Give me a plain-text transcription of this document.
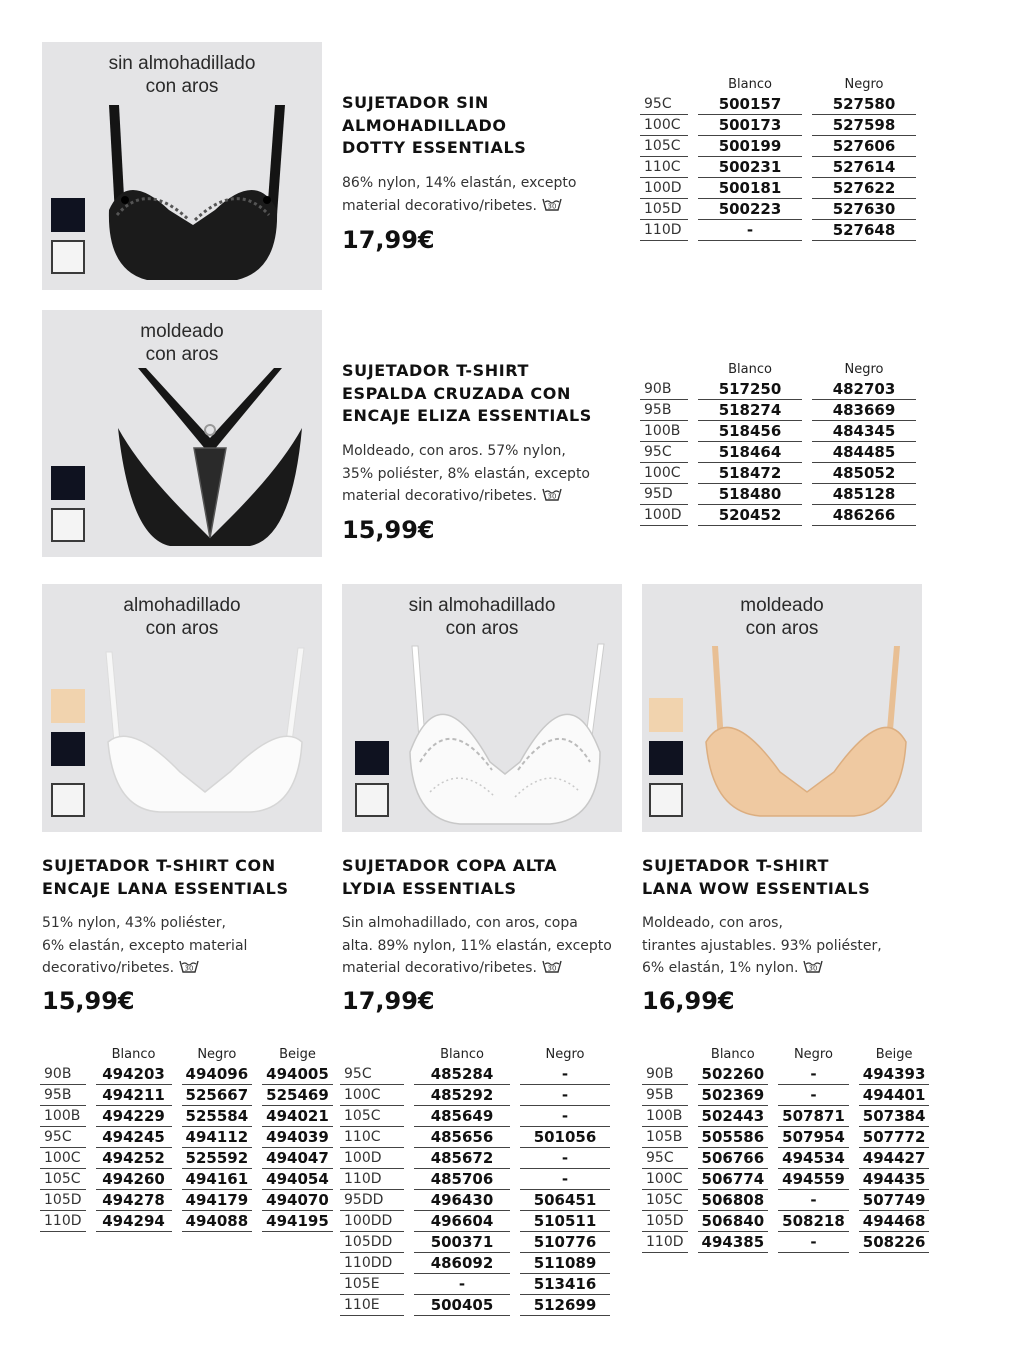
sin almohadillado
con aros
SUJETADOR SIN
ALMOHADILLADO
DOTTY ESSENTIALS
86% nylon, 14% elastán, excepto
material decorativo/ribetes.
17,99€
		Blanco		Negro
95C		500157		527580
100C		500173		527598
105C		500199		527606
110C		500231		527614
100D		500181		527622
105D		500223		527630
110D		-		527648
moldeado
con aros
SUJETADOR T-SHIRT
ESPALDA CRUZADA CON
ENCAJE ELIZA ESSENTIALS
Moldeado, con aros. 57% nylon,
35% poliéster, 8% elastán, excepto
material decorativo/ribetes.
15,99€
		Blanco		Negro
90B		517250		482703
95B		518274		483669
100B		518456		484345
95C		518464		484485
100C		518472		485052
95D		518480		485128
100D		520452		486266
almohadillado
con aros
SUJETADOR T-SHIRT CON
ENCAJE LANA ESSENTIALS
51% nylon, 43% poliéster,
6% elastán, excepto material
decorativo/ribetes.
15,99€
		Blanco		Negro		Beige
90B		494203		494096		494005
95B		494211		525667		525469
100B		494229		525584		494021
95C		494245		494112		494039
100C		494252		525592		494047
105C		494260		494161		494054
105D		494278		494179		494070
110D		494294		494088		494195
sin almohadillado
con aros
SUJETADOR COPA ALTA
LYDIA ESSENTIALS
Sin almohadillado, con aros, copa
alta. 89% nylon, 11% elastán, excepto
material decorativo/ribetes.
17,99€
		Blanco		Negro
95C		485284		-
100C		485292		-
105C		485649		-
110C		485656		501056
100D		485672		-
110D		485706		-
95DD		496430		506451
100DD		496604		510511
105DD		500371		510776
110DD		486092		511089
105E		-		513416
110E		500405		512699
moldeado
con aros
SUJETADOR T-SHIRT
LANA WOW ESSENTIALS
Moldeado, con aros,
tirantes ajustables. 93% poliéster,
6% elastán, 1% nylon.
16,99€
		Blanco		Negro		Beige
90B		502260		-		494393
95B		502369		-		494401
100B		502443		507871		507384
105B		505586		507954		507772
95C		506766		494534		494427
100C		506774		494559		494435
105C		506808		-		507749
105D		506840		508218		494468
110D		494385		-		508226
